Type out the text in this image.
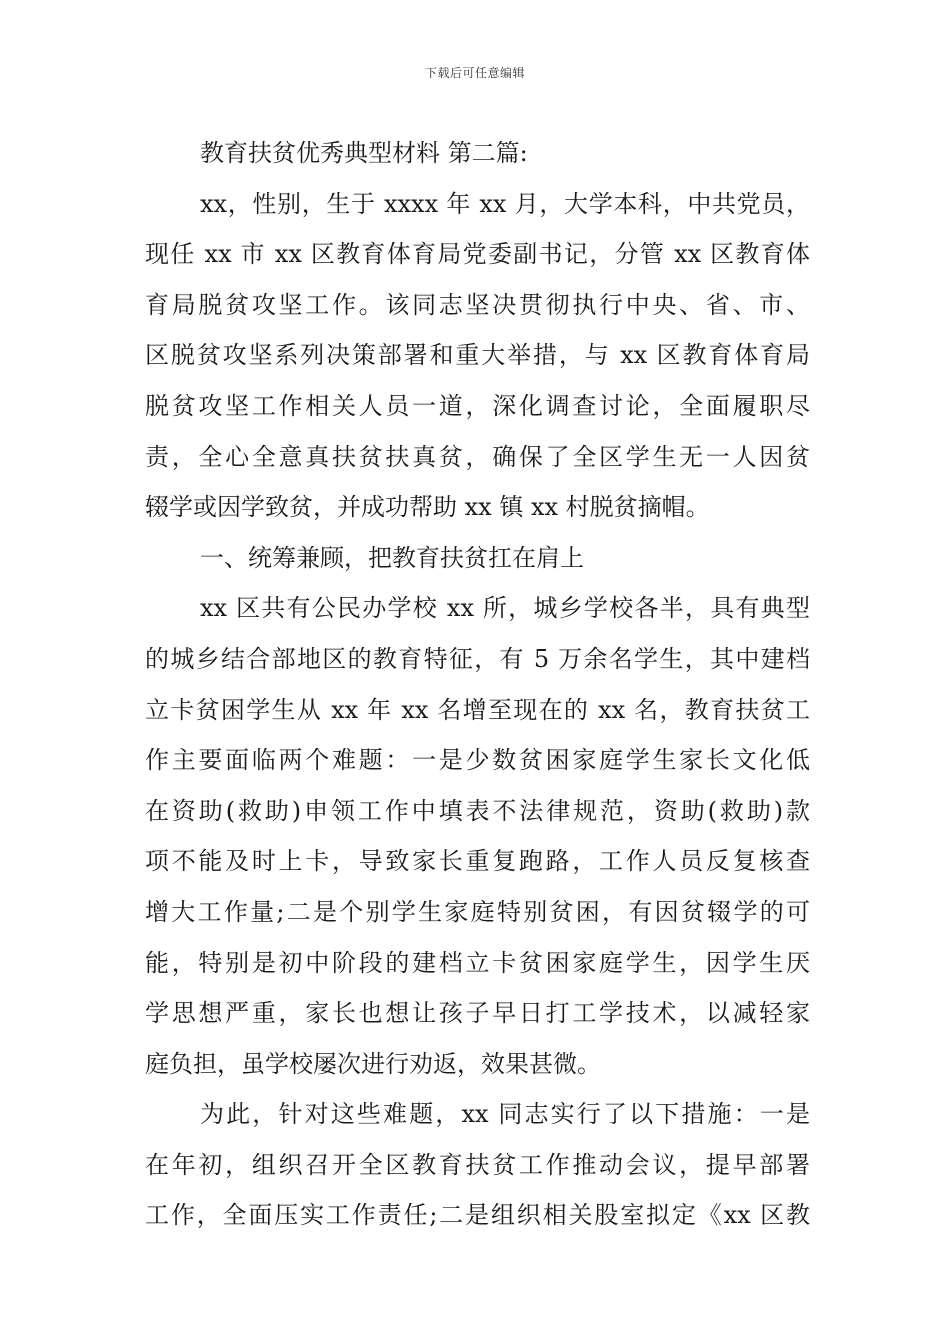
下载后可任意编辑
教育扶贫优秀典型材料 第二篇:
xx，性别，生于 xxxx 年 xx 月，大学本科，中共党员，
现任 xx 市 xx 区教育体育局党委副书记，分管 xx 区教育体
育局脱贫攻坚工作。该同志坚决贯彻执行中央、省、市、
区脱贫攻坚系列决策部署和重大举措，与 xx 区教育体育局
脱贫攻坚工作相关人员一道，深化调查讨论，全面履职尽
责，全心全意真扶贫扶真贫，确保了全区学生无一人因贫
辍学或因学致贫，并成功帮助 xx 镇 xx 村脱贫摘帽。
一、统筹兼顾，把教育扶贫扛在肩上
xx 区共有公民办学校 xx 所，城乡学校各半，具有典型
的城乡结合部地区的教育特征，有 5 万余名学生，其中建档
立卡贫困学生从 xx 年 xx 名增至现在的 xx 名，教育扶贫工
作主要面临两个难题：一是少数贫困家庭学生家长文化低
在资助(救助)申领工作中填表不法律规范，资助(救助)款
项不能及时上卡，导致家长重复跑路，工作人员反复核查
增大工作量;二是个别学生家庭特别贫困，有因贫辍学的可
能，特别是初中阶段的建档立卡贫困家庭学生，因学生厌
学思想严重，家长也想让孩子早日打工学技术，以减轻家
庭负担，虽学校屡次进行劝返，效果甚微。
为此，针对这些难题，xx 同志实行了以下措施：一是
在年初，组织召开全区教育扶贫工作推动会议，提早部署
工作，全面压实工作责任;二是组织相关股室拟定《xx 区教
